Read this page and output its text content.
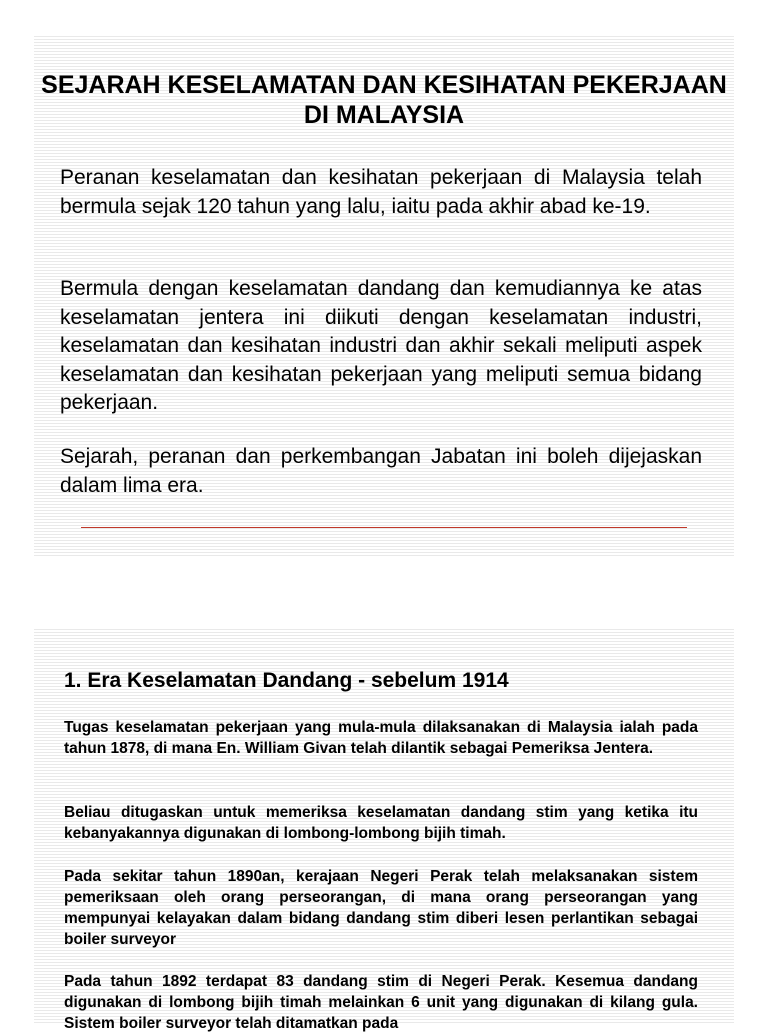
SEJARAH KESELAMATAN DAN KESIHATAN PEKERJAAN DI MALAYSIA

Peranan keselamatan dan kesihatan pekerjaan di Malaysia telah bermula sejak 120 tahun yang lalu, iaitu pada akhir abad ke-19.

Bermula dengan keselamatan dandang dan kemudiannya ke atas keselamatan jentera ini diikuti dengan keselamatan industri, keselamatan dan kesihatan industri dan akhir sekali meliputi aspek keselamatan dan kesihatan pekerjaan yang meliputi semua bidang pekerjaan.

Sejarah, peranan dan perkembangan Jabatan ini boleh dijejaskan dalam lima era.

1. Era Keselamatan Dandang - sebelum 1914

Tugas keselamatan pekerjaan yang mula-mula dilaksanakan di Malaysia ialah pada tahun 1878, di mana En. William Givan telah dilantik sebagai Pemeriksa Jentera.

Beliau ditugaskan untuk memeriksa keselamatan dandang stim yang ketika itu kebanyakannya digunakan di lombong-lombong bijih timah.

Pada sekitar tahun 1890an, kerajaan Negeri Perak telah melaksanakan sistem pemeriksaan oleh orang perseorangan, di mana orang perseorangan yang mempunyai kelayakan dalam bidang dandang stim diberi lesen perlantikan sebagai boiler surveyor

Pada tahun 1892 terdapat 83 dandang stim di Negeri Perak. Kesemua dandang digunakan di lombong bijih timah melainkan 6 unit yang digunakan di kilang gula. Sistem boiler surveyor telah ditamatkan pada
